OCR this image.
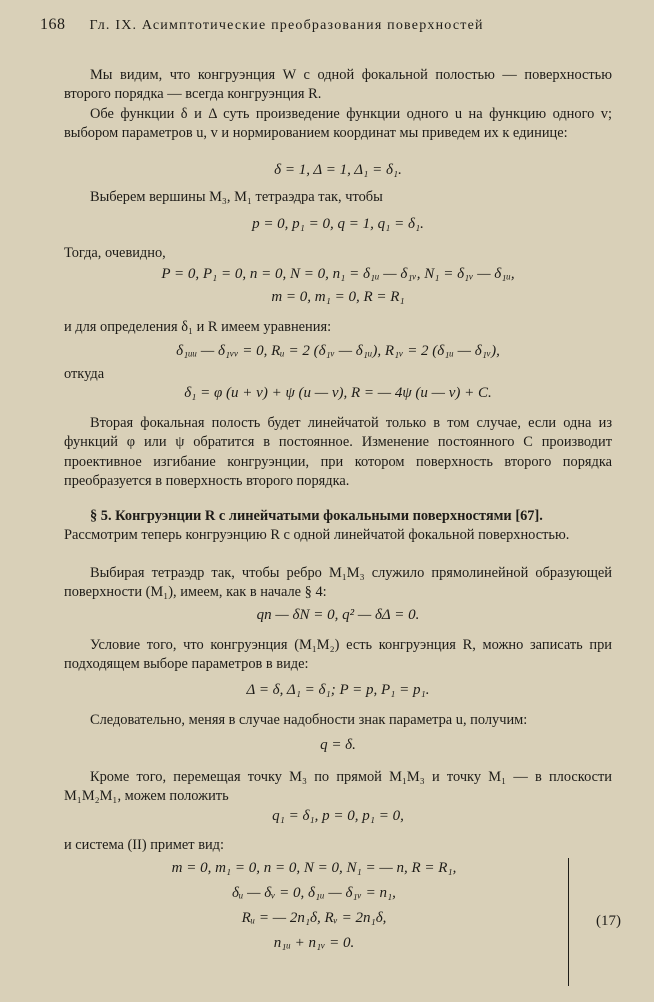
168 Гл. IX. Асимптотические преобразования поверхностей
Мы видим, что конгруэнция W с одной фокальной полостью — поверхностью второго порядка — всегда конгруэнция R.
Обе функции δ и Δ суть произведение функции одного u на функцию одного v; выбором параметров u, v и нормированием координат мы приведем их к единице:
δ = 1, Δ = 1, Δ₁ = δ₁.
Выберем вершины M₃, M₁ тетраэдра так, чтобы
p = 0, p₁ = 0, q = 1, q₁ = δ₁.
Тогда, очевидно,
P = 0, P₁ = 0, n = 0, N = 0, n₁ = δ₁ᵤ — δ₁ᵥ, N₁ = δ₁ᵥ — δ₁ᵤ,
m = 0, m₁ = 0, R = R₁
и для определения δ₁ и R имеем уравнения:
δ₁ᵤᵤ — δ₁ᵥᵥ = 0, Rᵤ = 2 (δ₁ᵥ — δ₁ᵤ), R₁ᵥ = 2 (δ₁ᵤ — δ₁ᵥ),
откуда
δ₁ = φ (u + v) + ψ (u — v), R = — 4ψ (u — v) + C.
Вторая фокальная полость будет линейчатой только в том случае, если одна из функций φ или ψ обратится в постоянное. Изменение постоянного C производит проективное изгибание конгруэнции, при котором поверхность второго порядка преобразуется в поверхность второго порядка.
§ 5. Конгруэнции R с линейчатыми фокальными поверхностями [67].
Рассмотрим теперь конгруэнцию R с одной линейчатой фокальной поверхностью.
Выбирая тетраэдр так, чтобы ребро M₁M₃ служило прямолинейной образующей поверхности (M₁), имеем, как в начале § 4:
qn — δN = 0, q² — δΔ = 0.
Условие того, что конгруэнция (M₁M₂) есть конгруэнция R, можно записать при подходящем выборе параметров в виде:
Δ = δ, Δ₁ = δ₁; P = p, P₁ = p₁.
Следовательно, меняя в случае надобности знак параметра u, получим:
q = δ.
Кроме того, перемещая точку M₃ по прямой M₁M₃ и точку M₁ — в плоскости M₁M₂M₁, можем положить
q₁ = δ₁, p = 0, p₁ = 0,
и система (II) примет вид:
m = 0, m₁ = 0, n = 0, N = 0, N₁ = — n, R = R₁,
δᵤ — δᵥ = 0, δ₁ᵤ — δ₁ᵥ = n₁,
Rᵤ = — 2n₁δ, Rᵥ = 2n₁δ,
n₁ᵤ + n₁ᵥ = 0.
(17)
